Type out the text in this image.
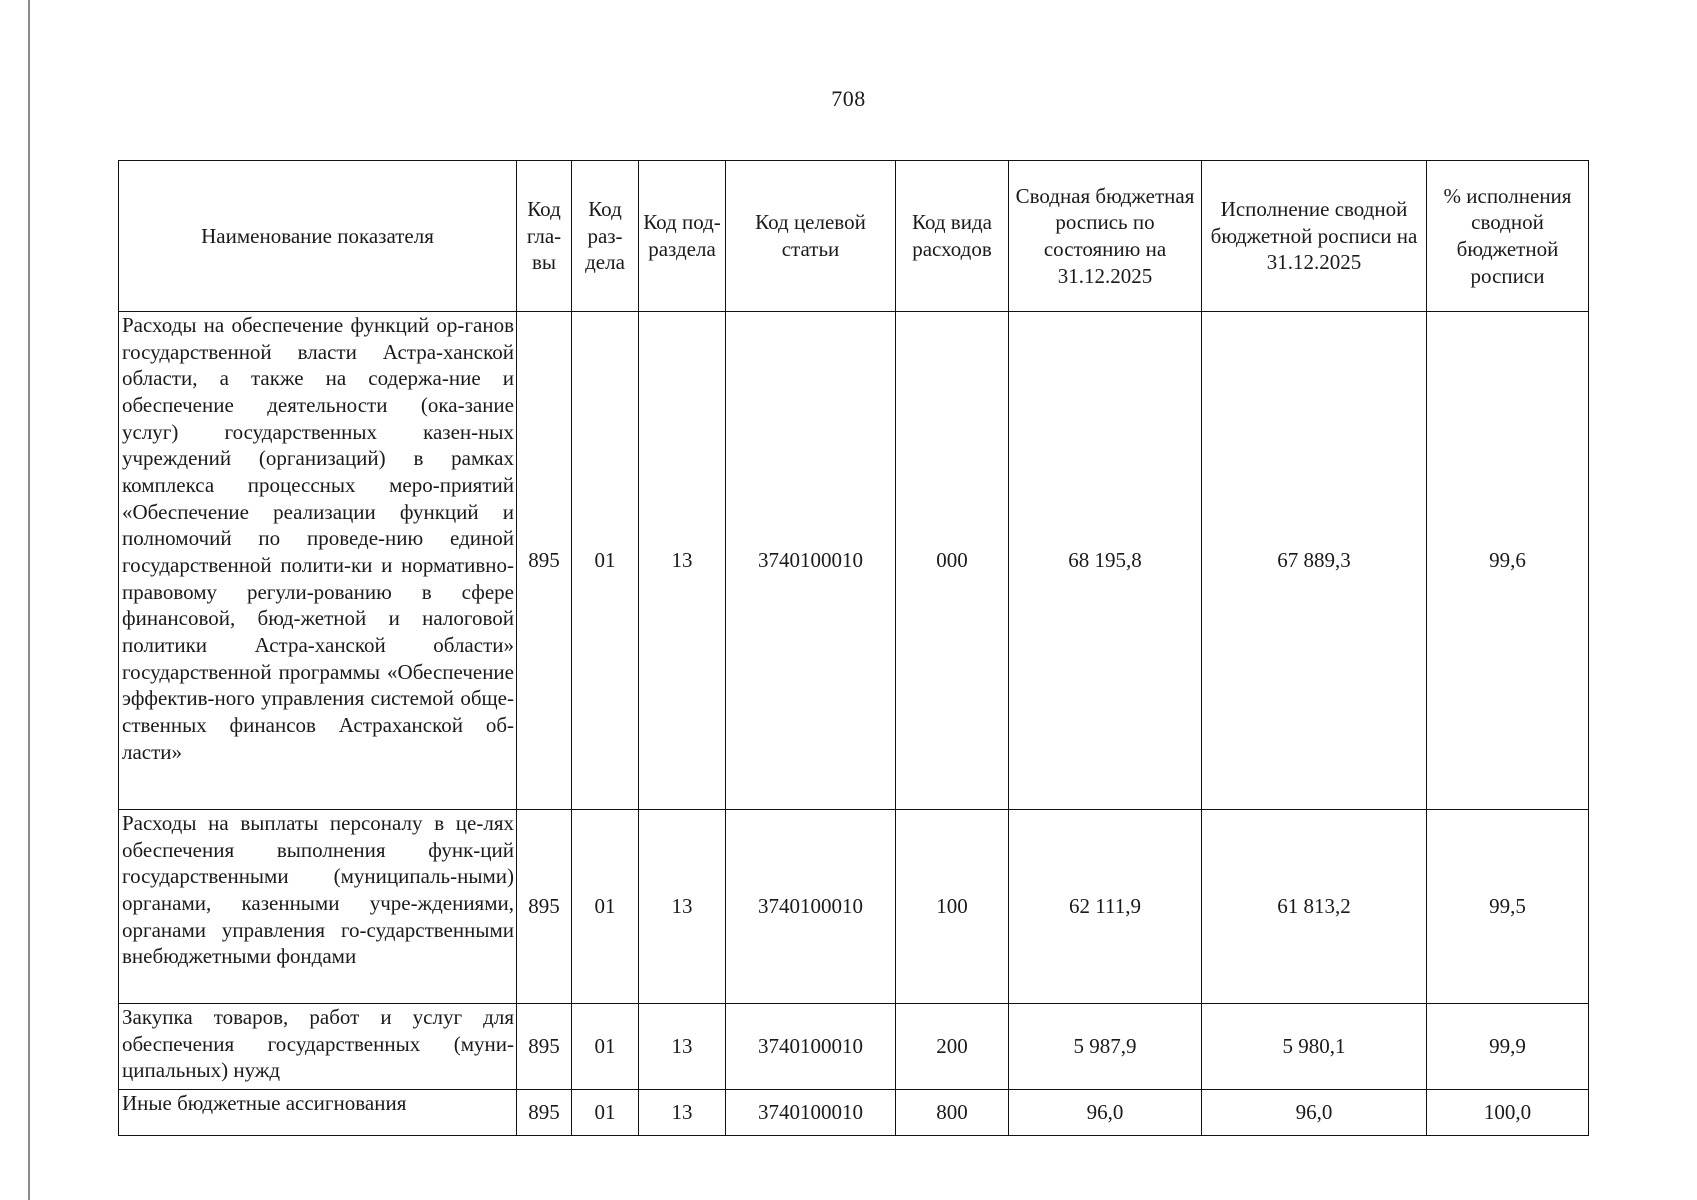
708
Наименование показателя	Код гла-вы	Код раз-дела	Код под-раздела	Код целевой статьи	Код вида расходов	Сводная бюджетная роспись по состоянию на 31.12.2025	Исполнение сводной бюджетной росписи на 31.12.2025	% исполнения сводной бюджетной росписи
Расходы на обеспечение функций ор-ганов государственной власти Астра-ханской области, а также на содержа-ние и обеспечение деятельности (ока-зание услуг) государственных казен-ных учреждений (организаций) в рамках комплекса процессных меро-приятий «Обеспечение реализации функций и полномочий по проведе-нию единой государственной полити-ки и нормативно-правовому регули-рованию в сфере финансовой, бюд-жетной и налоговой политики Астра-ханской области» государственной программы «Обеспечение эффектив-ного управления системой обще-ственных финансов Астраханской об-ласти»	895	01	13	3740100010	000	68 195,8	67 889,3	99,6
Расходы на выплаты персоналу в це-лях обеспечения выполнения функ-ций государственными (муниципаль-ными) органами, казенными учре-ждениями, органами управления го-сударственными внебюджетными фондами	895	01	13	3740100010	100	62 111,9	61 813,2	99,5
Закупка товаров, работ и услуг для обеспечения государственных (муни-ципальных) нужд	895	01	13	3740100010	200	5 987,9	5 980,1	99,9
Иные бюджетные ассигнования	895	01	13	3740100010	800	96,0	96,0	100,0
